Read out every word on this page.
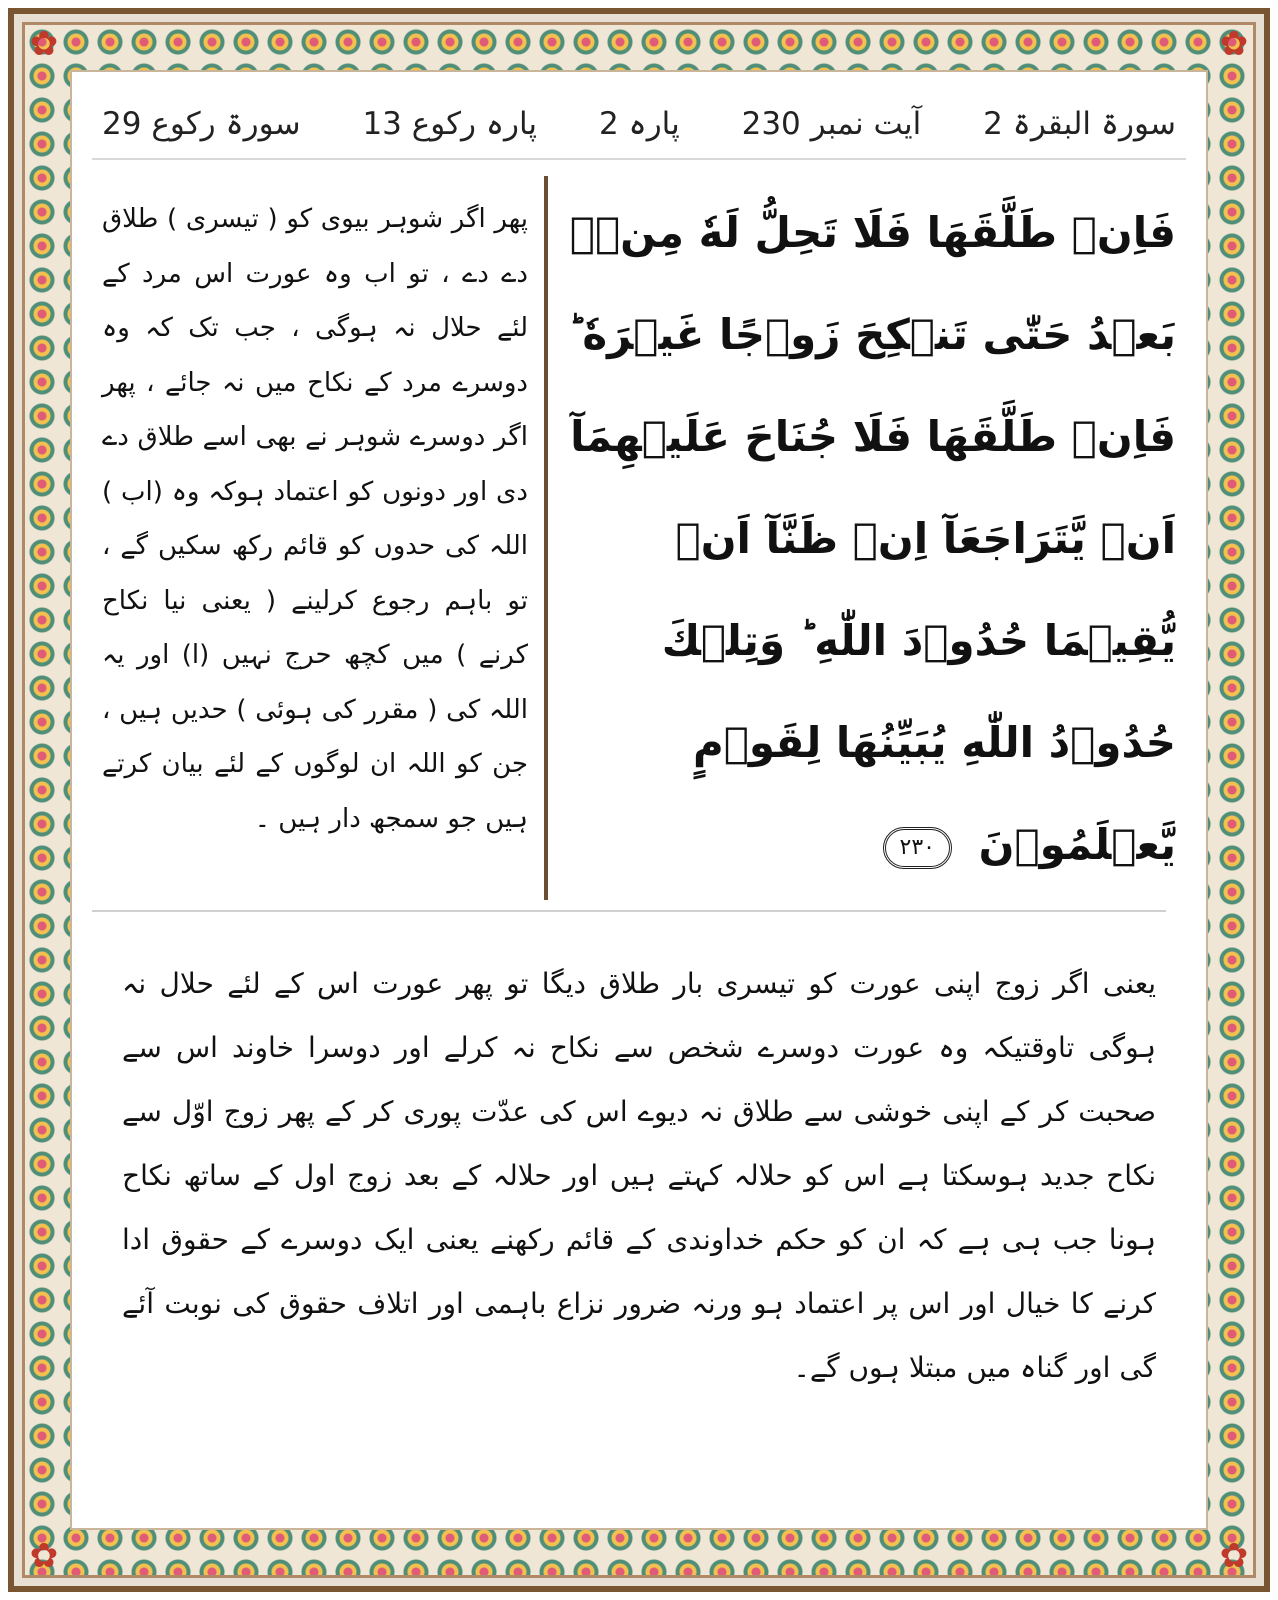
✿	✿
✿	✿
سورۃ البقرۃ 2
آیت نمبر 230
پارہ 2
پارہ رکوع 13
سورۃ رکوع 29
فَاِنۡ طَلَّقَهَا فَلَا تَحِلُّ لَهٗ مِنۡۢ بَعۡدُ حَتّٰى تَنۡكِحَ زَوۡجًا غَيۡرَهٗ ؕ فَاِنۡ طَلَّقَهَا فَلَا جُنَاحَ عَلَيۡهِمَآ اَنۡ يَّتَرَاجَعَآ اِنۡ ظَنَّآ اَنۡ يُّقِيۡمَا حُدُوۡدَ اللّٰهِ ؕ وَتِلۡكَ حُدُوۡدُ اللّٰهِ يُبَيِّنُهَا لِقَوۡمٍ يَّعۡلَمُوۡنَ ٢٣٠
پھر اگر شوہر بیوی کو ( تیسری ) طلاق دے دے ، تو اب وہ عورت اس مرد کے لئے حلال نہ ہوگی ، جب تک کہ وہ دوسرے مرد کے نکاح میں نہ جائے ، پھر اگر دوسرے شوہر نے بھی اسے طلاق دے دی اور دونوں کو اعتماد ہوکہ وہ (اب ) اللہ کی حدوں کو قائم رکھ سکیں گے ، تو باہم رجوع کرلینے ( یعنی نیا نکاح کرنے ) میں کچھ حرج نہیں (ا) اور یہ اللہ کی ( مقرر کی ہوئی ) حدیں ہیں ، جن کو اللہ ان لوگوں کے لئے بیان کرتے ہیں جو سمجھ دار ہیں ۔
یعنی اگر زوج اپنی عورت کو تیسری بار طلاق دیگا تو پھر عورت اس کے لئے حلال نہ ہوگی تاوقتیکہ وہ عورت دوسرے شخص سے نکاح نہ کرلے اور دوسرا خاوند اس سے صحبت کر کے اپنی خوشی سے طلاق نہ دیوے اس کی عدّت پوری کر کے پھر زوج اوّل سے نکاح جدید ہوسکتا ہے اس کو حلالہ کہتے ہیں اور حلالہ کے بعد زوج اول کے ساتھ نکاح ہونا جب ہی ہے کہ ان کو حکم خداوندی کے قائم رکھنے یعنی ایک دوسرے کے حقوق ادا کرنے کا خیال اور اس پر اعتماد ہو ورنہ ضرور نزاع باہمی اور اتلاف حقوق کی نوبت آئے گی اور گناہ میں مبتلا ہوں گے۔
